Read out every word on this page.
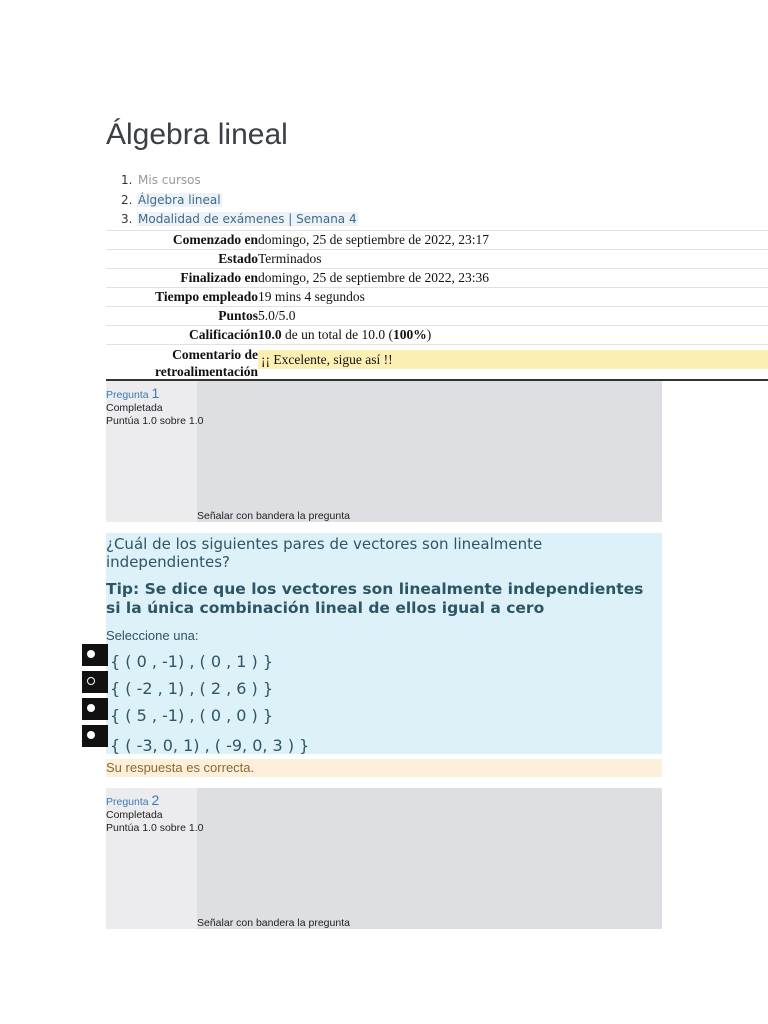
Álgebra lineal
1. Mis cursos
2. Álgebra lineal
3. Modalidad de exámenes | Semana 4
Comenzado en domingo, 25 de septiembre de 2022, 23:17
Estado Terminados
Finalizado en domingo, 25 de septiembre de 2022, 23:36
Tiempo empleado 19 mins 4 segundos
Puntos 5.0/5.0
Calificación 10.0 de un total de 10.0 (100%)
Comentario de
retroalimentación
¡¡ Excelente, sigue así !!
Pregunta 1
Completada
Puntúa 1.0 sobre 1.0
Señalar con bandera la pregunta
¿Cuál de los siguientes pares de vectores son linealmente independientes?
Tip: Se dice que los vectores son linealmente independientes si la única combinación lineal de ellos igual a cero
Seleccione una:
{ ( 0 , -1) , ( 0 , 1 ) }
{ ( -2 , 1) , ( 2 , 6 ) }
{ ( 5 , -1) , ( 0 , 0 ) }
{ ( -3, 0, 1) , ( -9, 0, 3 ) }
Su respuesta es correcta.
Pregunta 2
Completada
Puntúa 1.0 sobre 1.0
Señalar con bandera la pregunta
